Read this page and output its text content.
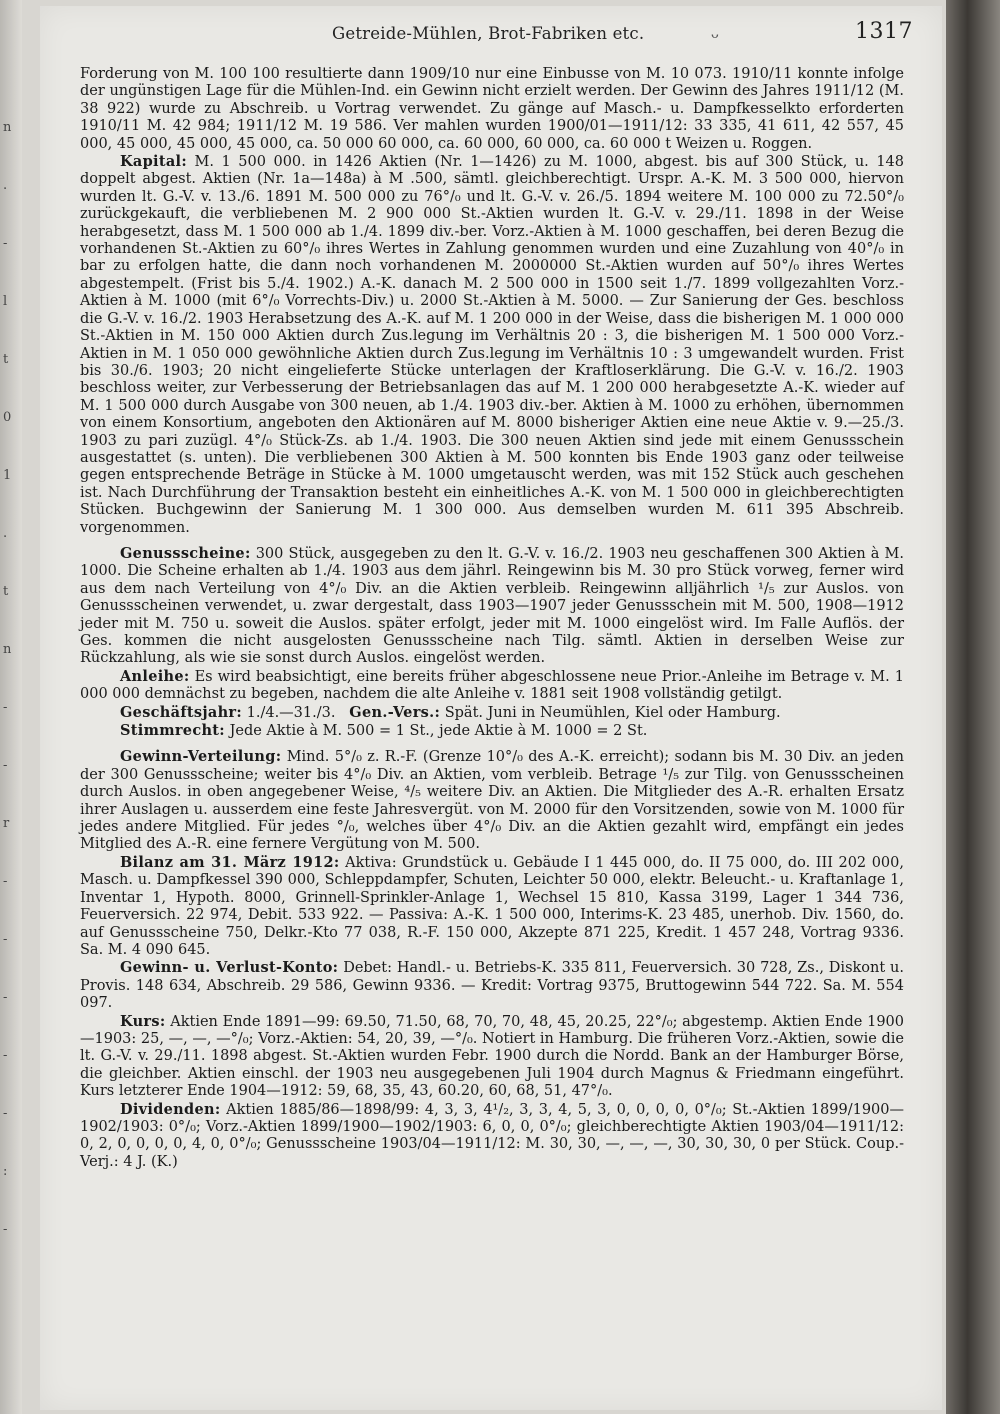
n
.
-
l
t
0
1
.
t
n
-
-
r
-
-
-
-
-
:
-
Getreide-Mühlen, Brot-Fabriken etc.	ᴗ	1317

Forderung von M. 100 100 resultierte dann 1909/10 nur eine Einbusse von M. 10 073. 1910/11 konnte infolge der ungünstigen Lage für die Mühlen-Ind. ein Gewinn nicht erzielt werden. Der Gewinn des Jahres 1911/12 (M. 38 922) wurde zu Abschreib. u Vortrag verwendet. Zu gänge auf Masch.- u. Dampfkesselkto erforderten 1910/11 M. 42 984; 1911/12 M. 19 586. Ver mahlen wurden 1900/01—1911/12: 33 335, 41 611, 42 557, 45 000, 45 000, 45 000, 45 000, ca. 50 000 60 000, ca. 60 000, 60 000, ca. 60 000 t Weizen u. Roggen.

Kapital: M. 1 500 000. in 1426 Aktien (Nr. 1—1426) zu M. 1000, abgest. bis auf 300 Stück, u. 148 doppelt abgest. Aktien (Nr. 1a—148a) à M .500, sämtl. gleichberechtigt. Urspr. A.-K. M. 3 500 000, hiervon wurden lt. G.-V. v. 13./6. 1891 M. 500 000 zu 76°/₀ und lt. G.-V. v. 26./5. 1894 weitere M. 100 000 zu 72.50°/₀ zurückgekauft, die verbliebenen M. 2 900 000 St.-Aktien wurden lt. G.-V. v. 29./11. 1898 in der Weise herabgesetzt, dass M. 1 500 000 ab 1./4. 1899 div.-ber. Vorz.-Aktien à M. 1000 geschaffen, bei deren Bezug die vorhandenen St.-Aktien zu 60°/₀ ihres Wertes in Zahlung genommen wurden und eine Zuzahlung von 40°/₀ in bar zu erfolgen hatte, die dann noch vorhandenen M. 2000000 St.-Aktien wurden auf 50°/₀ ihres Wertes abgestempelt. (Frist bis 5./4. 1902.) A.-K. danach M. 2 500 000 in 1500 seit 1./7. 1899 vollgezahlten Vorz.-Aktien à M. 1000 (mit 6°/₀ Vorrechts-Div.) u. 2000 St.-Aktien à M. 5000. — Zur Sanierung der Ges. beschloss die G.-V. v. 16./2. 1903 Herabsetzung des A.-K. auf M. 1 200 000 in der Weise, dass die bisherigen M. 1 000 000 St.-Aktien in M. 150 000 Aktien durch Zus.legung im Verhältnis 20 : 3, die bisherigen M. 1 500 000 Vorz.-Aktien in M. 1 050 000 gewöhnliche Aktien durch Zus.legung im Verhältnis 10 : 3 umgewandelt wurden. Frist bis 30./6. 1903; 20 nicht eingelieferte Stücke unterlagen der Kraftloserklärung. Die G.-V. v. 16./2. 1903 beschloss weiter, zur Verbesserung der Betriebsanlagen das auf M. 1 200 000 herabgesetzte A.-K. wieder auf M. 1 500 000 durch Ausgabe von 300 neuen, ab 1./4. 1903 div.-ber. Aktien à M. 1000 zu erhöhen, übernommen von einem Konsortium, angeboten den Aktionären auf M. 8000 bisheriger Aktien eine neue Aktie v. 9.—25./3. 1903 zu pari zuzügl. 4°/₀ Stück-Zs. ab 1./4. 1903. Die 300 neuen Aktien sind jede mit einem Genussschein ausgestattet (s. unten). Die verbliebenen 300 Aktien à M. 500 konnten bis Ende 1903 ganz oder teilweise gegen entsprechende Beträge in Stücke à M. 1000 umgetauscht werden, was mit 152 Stück auch geschehen ist. Nach Durchführung der Transaktion besteht ein einheitliches A.-K. von M. 1 500 000 in gleichberechtigten Stücken. Buchgewinn der Sanierung M. 1 300 000. Aus demselben wurden M. 611 395 Abschreib. vorgenommen.

Genussscheine: 300 Stück, ausgegeben zu den lt. G.-V. v. 16./2. 1903 neu geschaffenen 300 Aktien à M. 1000. Die Scheine erhalten ab 1./4. 1903 aus dem jährl. Reingewinn bis M. 30 pro Stück vorweg, ferner wird aus dem nach Verteilung von 4°/₀ Div. an die Aktien verbleib. Reingewinn alljährlich ¹/₅ zur Auslos. von Genussscheinen verwendet, u. zwar dergestalt, dass 1903—1907 jeder Genussschein mit M. 500, 1908—1912 jeder mit M. 750 u. soweit die Auslos. später erfolgt, jeder mit M. 1000 eingelöst wird. Im Falle Auflös. der Ges. kommen die nicht ausgelosten Genussscheine nach Tilg. sämtl. Aktien in derselben Weise zur Rückzahlung, als wie sie sonst durch Auslos. eingelöst werden.

Anleihe: Es wird beabsichtigt, eine bereits früher abgeschlossene neue Prior.-Anleihe im Betrage v. M. 1 000 000 demnächst zu begeben, nachdem die alte Anleihe v. 1881 seit 1908 vollständig getilgt.

Geschäftsjahr: 1./4.—31./3. Gen.-Vers.: Spät. Juni in Neumühlen, Kiel oder Hamburg.

Stimmrecht: Jede Aktie à M. 500 = 1 St., jede Aktie à M. 1000 = 2 St.

Gewinn-Verteilung: Mind. 5°/₀ z. R.-F. (Grenze 10°/₀ des A.-K. erreicht); sodann bis M. 30 Div. an jeden der 300 Genussscheine; weiter bis 4°/₀ Div. an Aktien, vom verbleib. Betrage ¹/₅ zur Tilg. von Genussscheinen durch Auslos. in oben angegebener Weise, ⁴/₅ weitere Div. an Aktien. Die Mitglieder des A.-R. erhalten Ersatz ihrer Auslagen u. ausserdem eine feste Jahresvergüt. von M. 2000 für den Vorsitzenden, sowie von M. 1000 für jedes andere Mitglied. Für jedes °/₀, welches über 4°/₀ Div. an die Aktien gezahlt wird, empfängt ein jedes Mitglied des A.-R. eine fernere Vergütung von M. 500.

Bilanz am 31. März 1912: Aktiva: Grundstück u. Gebäude I 1 445 000, do. II 75 000, do. III 202 000, Masch. u. Dampfkessel 390 000, Schleppdampfer, Schuten, Leichter 50 000, elektr. Beleucht.- u. Kraftanlage 1, Inventar 1, Hypoth. 8000, Grinnell-Sprinkler-Anlage 1, Wechsel 15 810, Kassa 3199, Lager 1 344 736, Feuerversich. 22 974, Debit. 533 922. — Passiva: A.-K. 1 500 000, Interims-K. 23 485, unerhob. Div. 1560, do. auf Genussscheine 750, Delkr.-Kto 77 038, R.-F. 150 000, Akzepte 871 225, Kredit. 1 457 248, Vortrag 9336. Sa. M. 4 090 645.

Gewinn- u. Verlust-Konto: Debet: Handl.- u. Betriebs-K. 335 811, Feuerversich. 30 728, Zs., Diskont u. Provis. 148 634, Abschreib. 29 586, Gewinn 9336. — Kredit: Vortrag 9375, Bruttogewinn 544 722. Sa. M. 554 097.

Kurs: Aktien Ende 1891—99: 69.50, 71.50, 68, 70, 70, 48, 45, 20.25, 22°/₀; abgestemp. Aktien Ende 1900—1903: 25, —, —, —°/₀; Vorz.-Aktien: 54, 20, 39, —°/₀. Notiert in Hamburg. Die früheren Vorz.-Aktien, sowie die lt. G.-V. v. 29./11. 1898 abgest. St.-Aktien wurden Febr. 1900 durch die Nordd. Bank an der Hamburger Börse, die gleichber. Aktien einschl. der 1903 neu ausgegebenen Juli 1904 durch Magnus & Friedmann eingeführt. Kurs letzterer Ende 1904—1912: 59, 68, 35, 43, 60.20, 60, 68, 51, 47°/₀.

Dividenden: Aktien 1885/86—1898/99: 4, 3, 3, 4¹/₂, 3, 3, 4, 5, 3, 0, 0, 0, 0, 0°/₀; St.-Aktien 1899/1900—1902/1903: 0°/₀; Vorz.-Aktien 1899/1900—1902/1903: 6, 0, 0, 0°/₀; gleichberechtigte Aktien 1903/04—1911/12: 0, 2, 0, 0, 0, 0, 4, 0, 0°/₀; Genussscheine 1903/04—1911/12: M. 30, 30, —, —, —, 30, 30, 30, 0 per Stück. Coup.-Verj.: 4 J. (K.)
